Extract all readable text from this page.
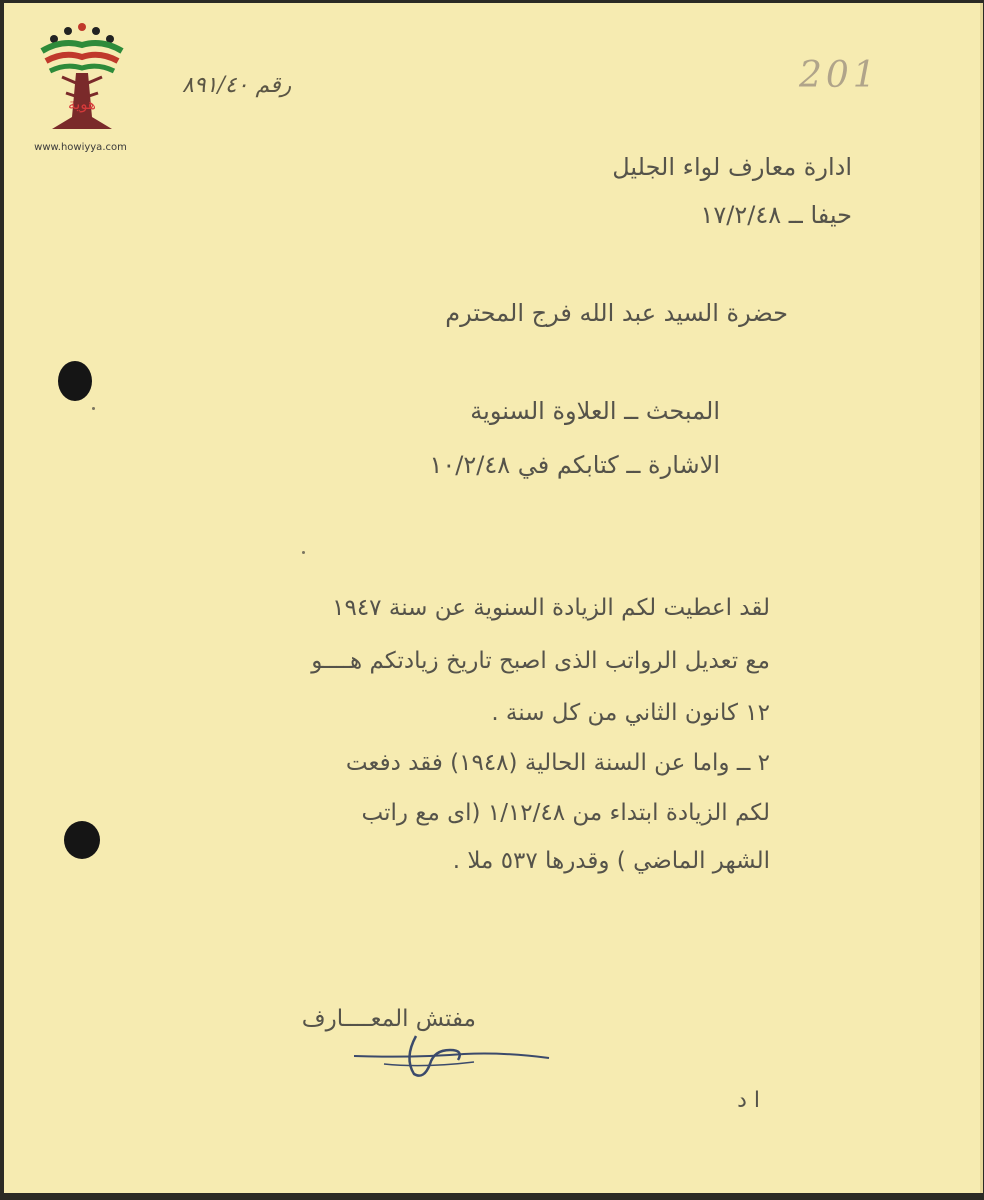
هوية
www.howiyya.com
201
رقم ٨٩١/٤٠
ادارة معارف لواء الجليل
حيفا ــ ١٧/٢/٤٨
حضرة السيد عبد الله فرج المحترم
المبحث ــ العلاوة السنوية
الاشارة ــ كتابكم في ١٠/٢/٤٨
لقد اعطيت لكم الزيادة السنوية عن سنة ١٩٤٧
مع تعديل الرواتب الذى اصبح تاريخ زيادتكم هــــو
١٢ كانون الثاني من كل سنة .
٢ ــ واما عن السنة الحالية (١٩٤٨) فقد دفعت
لكم الزيادة ابتداء من ١/١٢/٤٨ (اى مع راتب
الشهر الماضي ) وقدرها ٥٣٧ ملا .
مفتش المعــــارف
ا د
